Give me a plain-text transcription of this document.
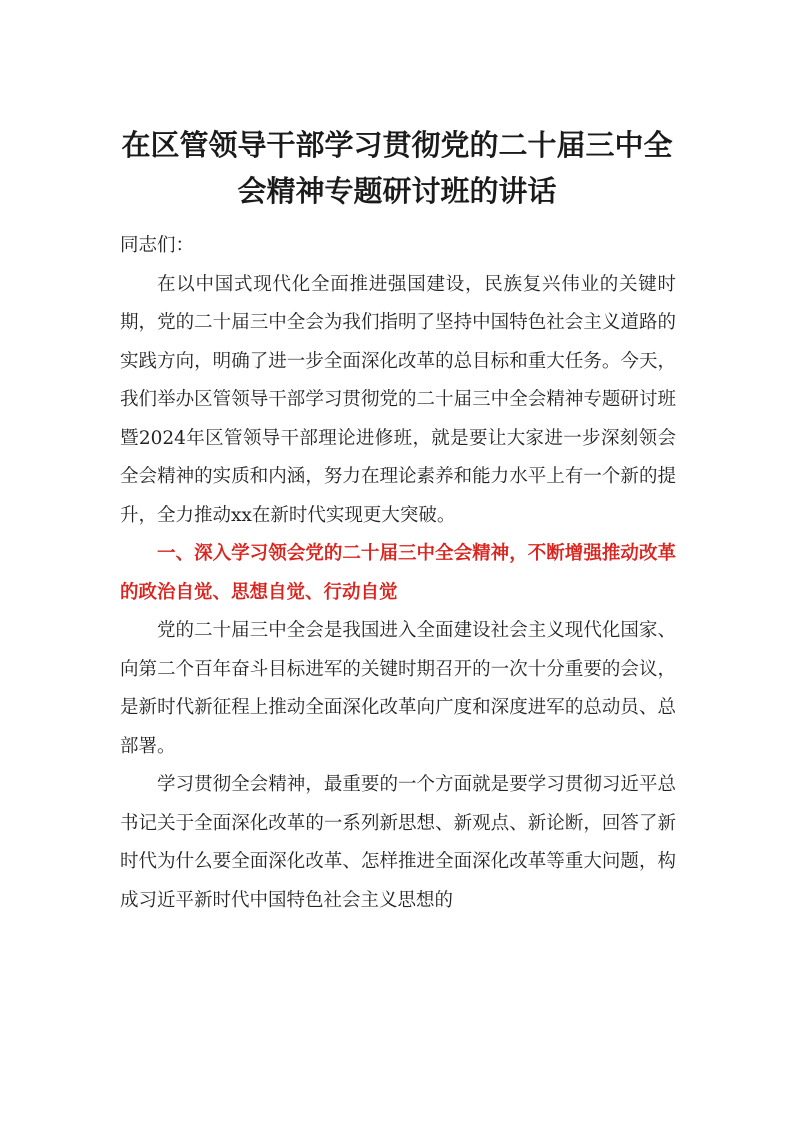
在区管领导干部学习贯彻党的二十届三中全会精神专题研讨班的讲话

同志们：

在以中国式现代化全面推进强国建设，民族复兴伟业的关键时期，党的二十届三中全会为我们指明了坚持中国特色社会主义道路的实践方向，明确了进一步全面深化改革的总目标和重大任务。今天，我们举办区管领导干部学习贯彻党的二十届三中全会精神专题研讨班暨2024年区管领导干部理论进修班，就是要让大家进一步深刻领会全会精神的实质和内涵，努力在理论素养和能力水平上有一个新的提升，全力推动xx在新时代实现更大突破。

一、深入学习领会党的二十届三中全会精神，不断增强推动改革的政治自觉、思想自觉、行动自觉

党的二十届三中全会是我国进入全面建设社会主义现代化国家、向第二个百年奋斗目标进军的关键时期召开的一次十分重要的会议，是新时代新征程上推动全面深化改革向广度和深度进军的总动员、总部署。

学习贯彻全会精神，最重要的一个方面就是要学习贯彻习近平总书记关于全面深化改革的一系列新思想、新观点、新论断，回答了新时代为什么要全面深化改革、怎样推进全面深化改革等重大问题，构成习近平新时代中国特色社会主义思想的
